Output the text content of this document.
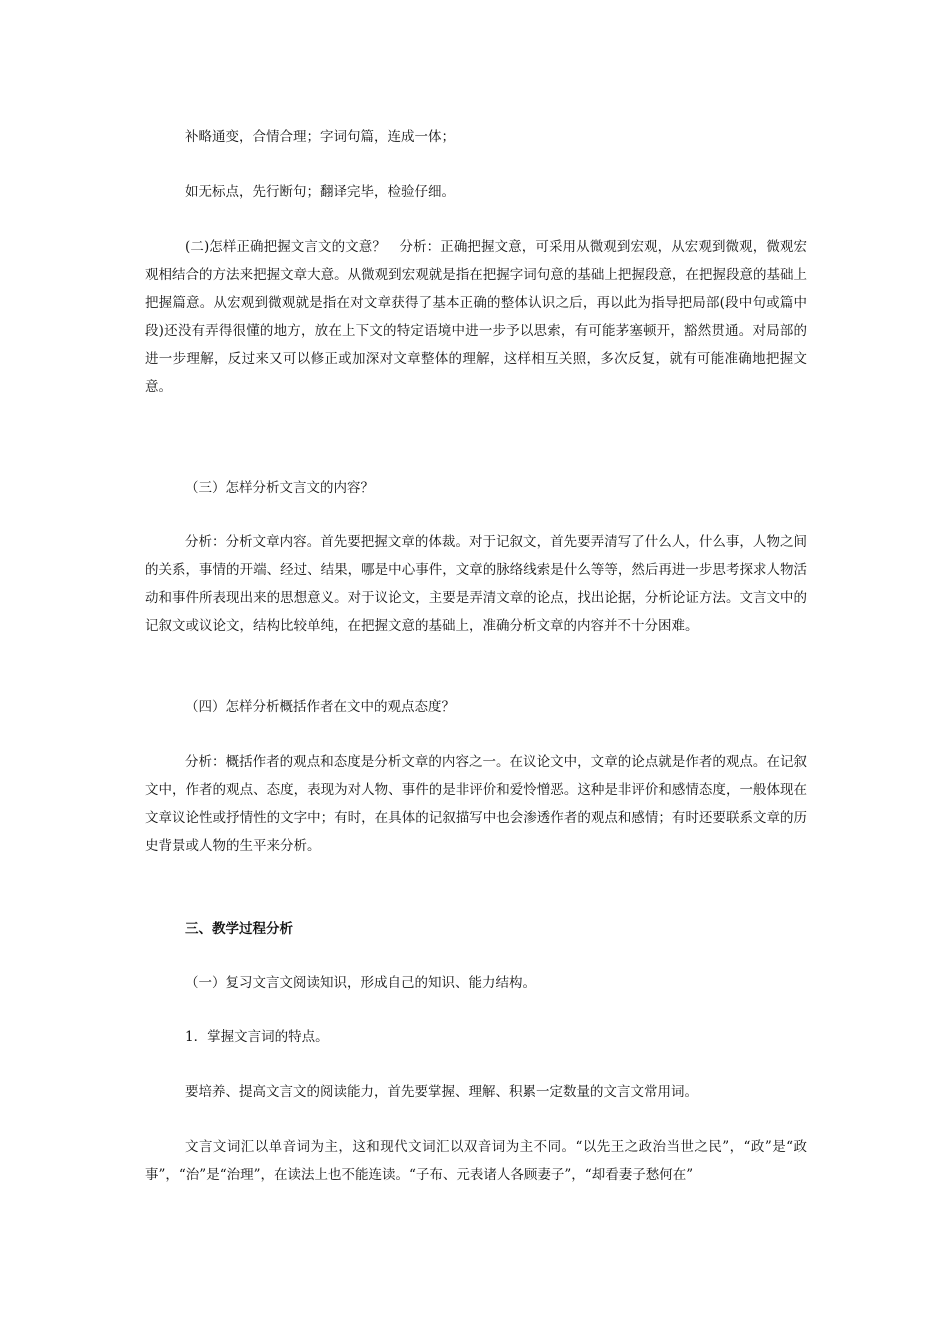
补略通变，合情合理；字词句篇，连成一体；

如无标点，先行断句；翻译完毕，检验仔细。

(二)怎样正确把握文言文的文意？　分析：正确把握文意，可采用从微观到宏观，从宏观到微观，微观宏观相结合的方法来把握文章大意。从微观到宏观就是指在把握字词句意的基础上把握段意，在把握段意的基础上把握篇意。从宏观到微观就是指在对文章获得了基本正确的整体认识之后，再以此为指导把局部(段中句或篇中段)还没有弄得很懂的地方，放在上下文的特定语境中进一步予以思索，有可能茅塞顿开，豁然贯通。对局部的进一步理解，反过来又可以修正或加深对文章整体的理解，这样相互关照，多次反复，就有可能准确地把握文意。

（三）怎样分析文言文的内容？

分析：分析文章内容。首先要把握文章的体裁。对于记叙文，首先要弄清写了什么人，什么事，人物之间的关系，事情的开端、经过、结果，哪是中心事件，文章的脉络线索是什么等等，然后再进一步思考探求人物活动和事件所表现出来的思想意义。对于议论文，主要是弄清文章的论点，找出论据，分析论证方法。文言文中的记叙文或议论文，结构比较单纯，在把握文意的基础上，准确分析文章的内容并不十分困难。

（四）怎样分析概括作者在文中的观点态度？

分析：概括作者的观点和态度是分析文章的内容之一。在议论文中，文章的论点就是作者的观点。在记叙文中，作者的观点、态度，表现为对人物、事件的是非评价和爱怜憎恶。这种是非评价和感情态度，一般体现在文章议论性或抒情性的文字中；有时，在具体的记叙描写中也会渗透作者的观点和感情；有时还要联系文章的历史背景或人物的生平来分析。

三、教学过程分析

（一）复习文言文阅读知识，形成自己的知识、能力结构。

1．掌握文言词的特点。

要培养、提高文言文的阅读能力，首先要掌握、理解、积累一定数量的文言文常用词。

文言文词汇以单音词为主，这和现代文词汇以双音词为主不同。“以先王之政治当世之民”，“政”是“政事”，“治”是“治理”，在读法上也不能连读。“子布、元表诸人各顾妻子”，“却看妻子愁何在”
